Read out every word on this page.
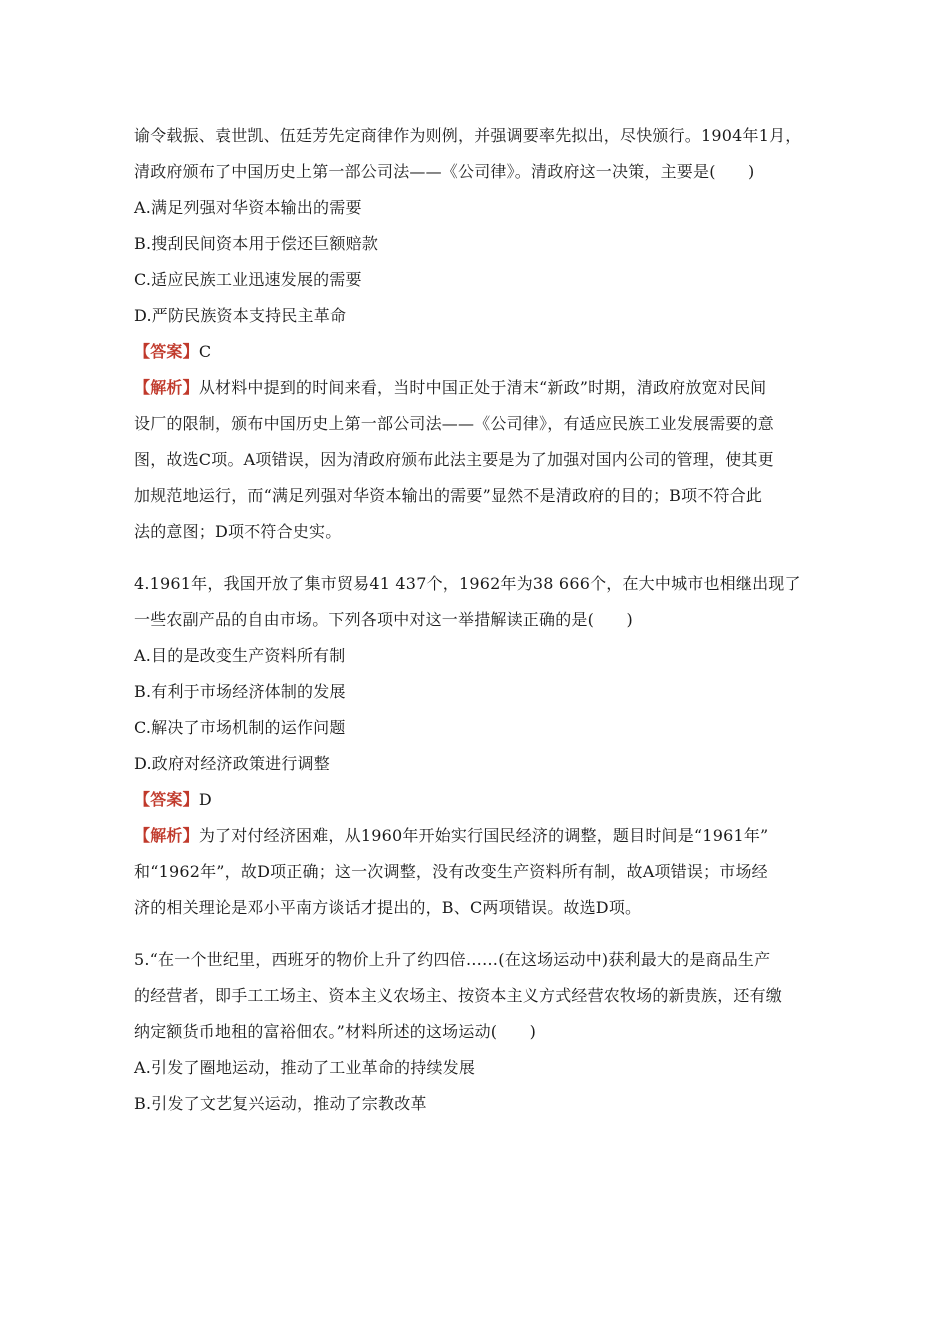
谕令载振、袁世凯、伍廷芳先定商律作为则例，并强调要率先拟出，尽快颁行。1904年1月，
清政府颁布了中国历史上第一部公司法——《公司律》。清政府这一决策，主要是(　　)
A.满足列强对华资本输出的需要
B.搜刮民间资本用于偿还巨额赔款
C.适应民族工业迅速发展的需要
D.严防民族资本支持民主革命
【答案】C
【解析】从材料中提到的时间来看，当时中国正处于清末“新政”时期，清政府放宽对民间
设厂的限制，颁布中国历史上第一部公司法——《公司律》，有适应民族工业发展需要的意
图，故选C项。A项错误，因为清政府颁布此法主要是为了加强对国内公司的管理，使其更
加规范地运行，而“满足列强对华资本输出的需要”显然不是清政府的目的；B项不符合此
法的意图；D项不符合史实。
4.1961年，我国开放了集市贸易41 437个，1962年为38 666个，在大中城市也相继出现了
一些农副产品的自由市场。下列各项中对这一举措解读正确的是(　　)
A.目的是改变生产资料所有制
B.有利于市场经济体制的发展
C.解决了市场机制的运作问题
D.政府对经济政策进行调整
【答案】D
【解析】为了对付经济困难，从1960年开始实行国民经济的调整，题目时间是“1961年”
和“1962年”，故D项正确；这一次调整，没有改变生产资料所有制，故A项错误；市场经
济的相关理论是邓小平南方谈话才提出的，B、C两项错误。故选D项。
5.“在一个世纪里，西班牙的物价上升了约四倍……(在这场运动中)获利最大的是商品生产
的经营者，即手工工场主、资本主义农场主、按资本主义方式经营农牧场的新贵族，还有缴
纳定额货币地租的富裕佃农。”材料所述的这场运动(　　)
A.引发了圈地运动，推动了工业革命的持续发展
B.引发了文艺复兴运动，推动了宗教改革
